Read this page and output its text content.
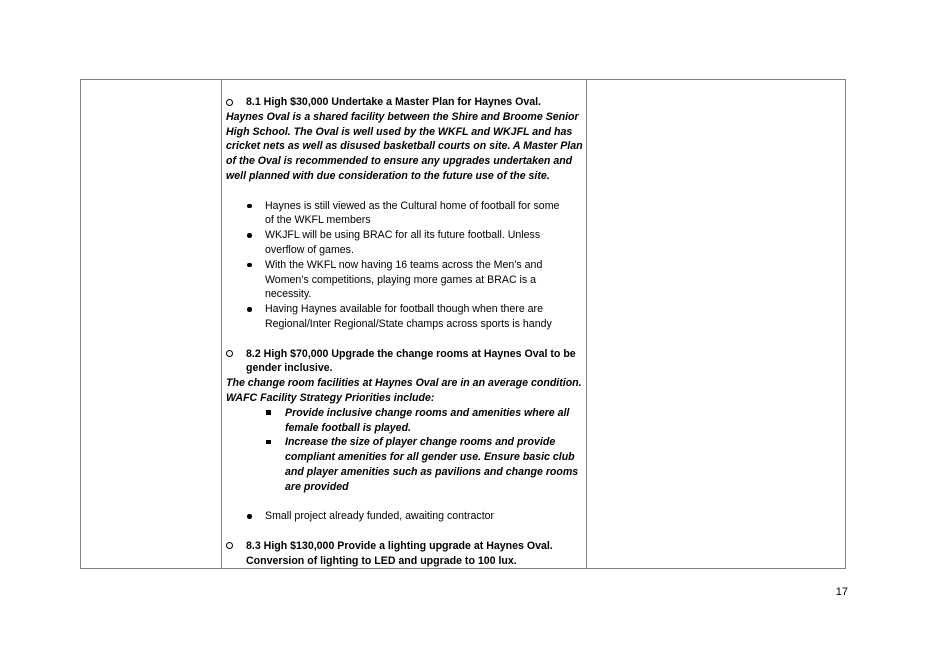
8.1 High $30,000 Undertake a Master Plan for Haynes Oval.
Haynes Oval is a shared facility between the Shire and Broome Senior
High School. The Oval is well used by the WKFL and WKJFL and has
cricket nets as well as disused basketball courts on site. A Master Plan
of the Oval is recommended to ensure any upgrades undertaken and
well planned with due consideration to the future use of the site.
Haynes is still viewed as the Cultural home of football for some
of the WKFL members
WKJFL will be using BRAC for all its future football. Unless
overflow of games.
With the WKFL now having 16 teams across the Men’s and
Women’s competitions, playing more games at BRAC is a
necessity.
Having Haynes available for football though when there are
Regional/Inter Regional/State champs across sports is handy
8.2 High $70,000 Upgrade the change rooms at Haynes Oval to be
gender inclusive.
The change room facilities at Haynes Oval are in an average condition.
WAFC Facility Strategy Priorities include:
Provide inclusive change rooms and amenities where all
female football is played.
Increase the size of player change rooms and provide
compliant amenities for all gender use. Ensure basic club
and player amenities such as pavilions and change rooms
are provided
Small project already funded, awaiting contractor
8.3 High $130,000 Provide a lighting upgrade at Haynes Oval.
Conversion of lighting to LED and upgrade to 100 lux.
17
